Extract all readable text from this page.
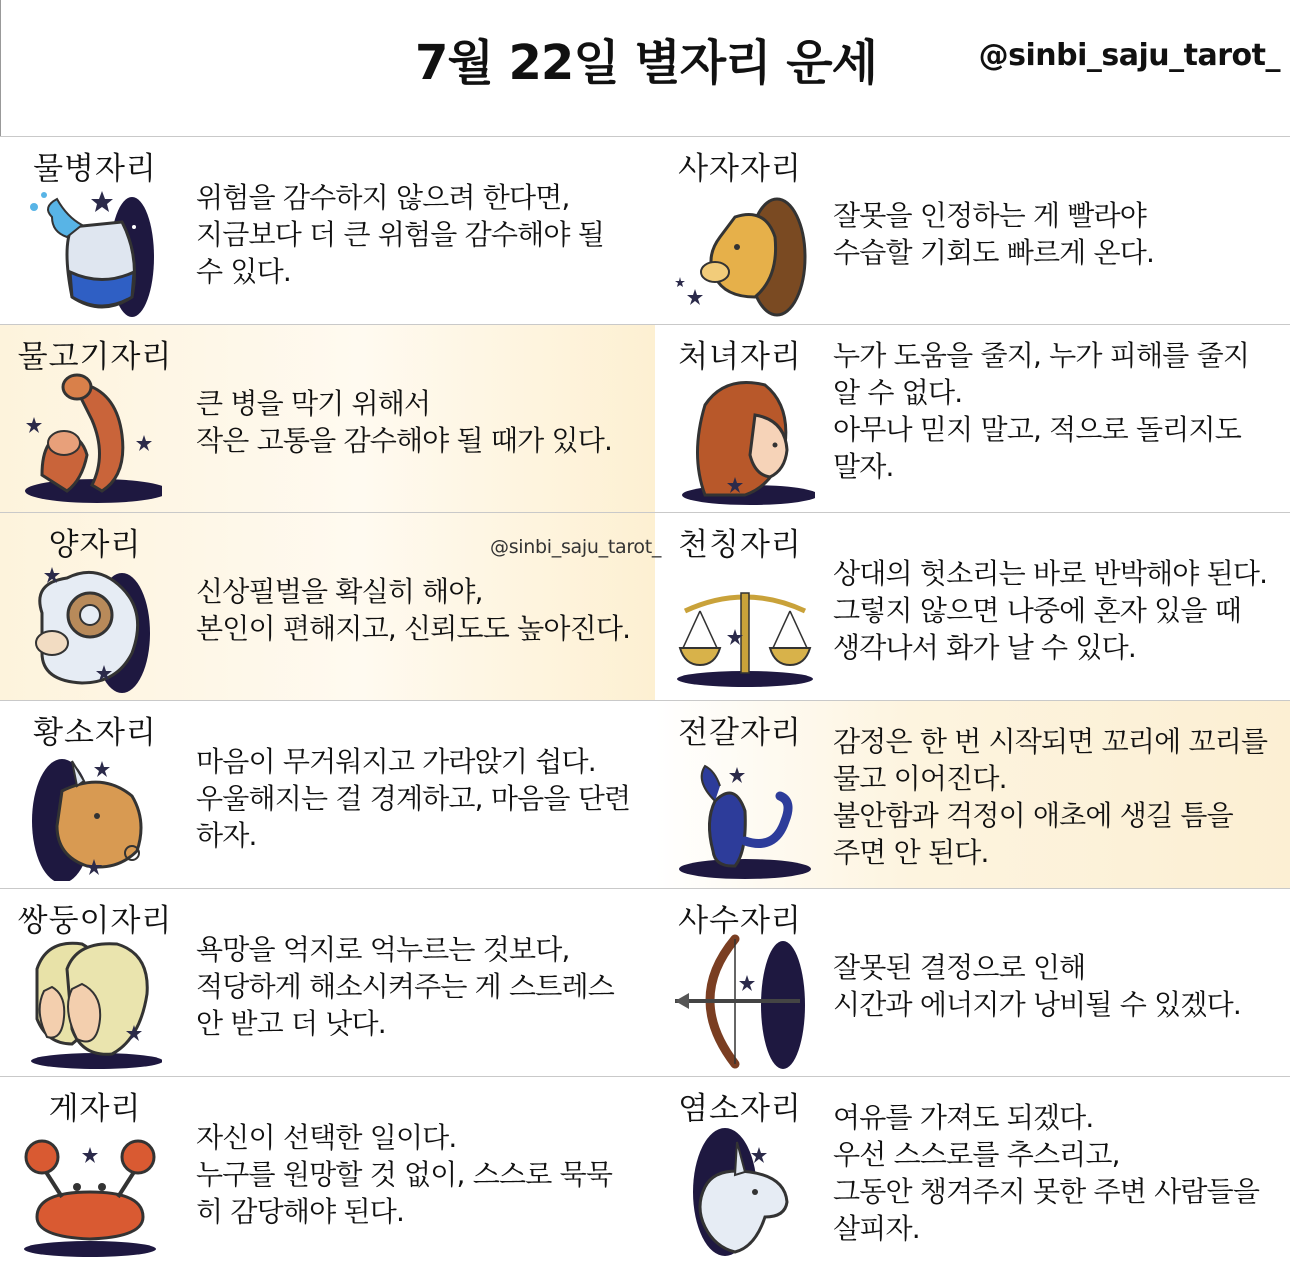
7월 22일 별자리 운세	@sinbi_saju_tarot_
물병자리
위험을 감수하지 않으려 한다면,
지금보다 더 큰 위험을 감수해야 될
수 있다.
사자자리
잘못을 인정하는 게 빨라야
수습할 기회도 빠르게 온다.
물고기자리
큰 병을 막기 위해서
작은 고통을 감수해야 될 때가 있다.
처녀자리	누가 도움을 줄지, 누가 피해를 줄지
알 수 없다.
아무나 믿지 말고, 적으로 돌리지도
말자.
양자리
신상필벌을 확실히 해야,
본인이 편해지고, 신뢰도도 높아진다.
천칭자리
상대의 헛소리는 바로 반박해야 된다.
그렇지 않으면 나중에 혼자 있을 때
생각나서 화가 날 수 있다.
황소자리
마음이 무거워지고 가라앉기 쉽다.
우울해지는 걸 경계하고, 마음을 단련
하자.
전갈자리	감정은 한 번 시작되면 꼬리에 꼬리를
물고 이어진다.
불안함과 걱정이 애초에 생길 틈을
주면 안 된다.
쌍둥이자리
욕망을 억지로 억누르는 것보다,
적당하게 해소시켜주는 게 스트레스
안 받고 더 낫다.
사수자리
잘못된 결정으로 인해
시간과 에너지가 낭비될 수 있겠다.
게자리
자신이 선택한 일이다.
누구를 원망할 것 없이, 스스로 묵묵
히 감당해야 된다.
염소자리	여유를 가져도 되겠다.
우선 스스로를 추스리고,
그동안 챙겨주지 못한 주변 사람들을
살피자.
@sinbi_saju_tarot_
